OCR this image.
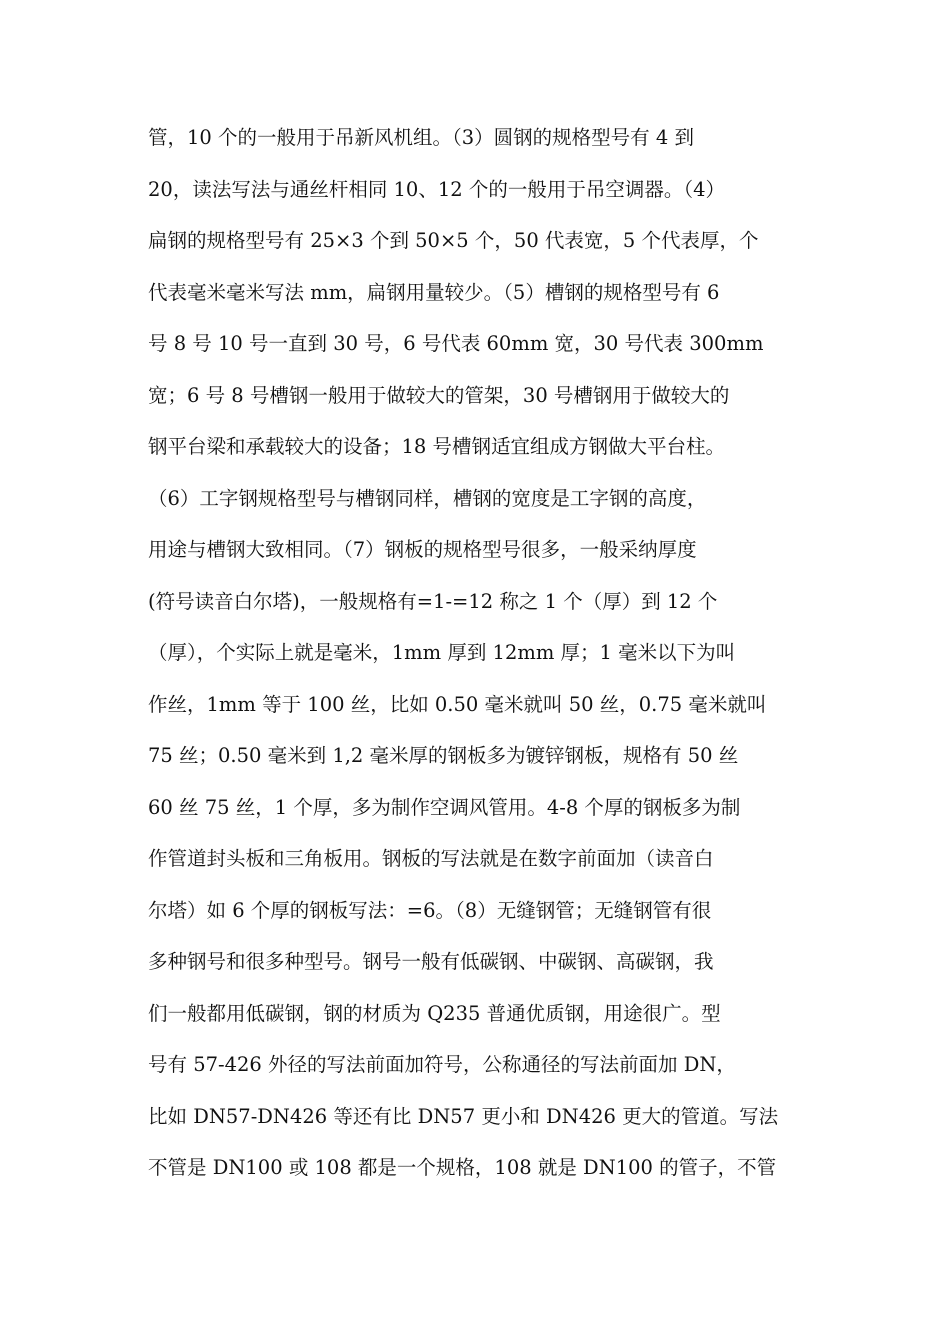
管，10 个的一般用于吊新风机组。（3）圆钢的规格型号有 4 到
20，读法写法与通丝杆相同 10、12 个的一般用于吊空调器。（4）
扁钢的规格型号有 25×3 个到 50×5 个，50 代表宽，5 个代表厚，个
代表毫米毫米写法 mm，扁钢用量较少。（5）槽钢的规格型号有 6
号 8 号 10 号一直到 30 号，6 号代表 60mm 宽，30 号代表 300mm
宽；6 号 8 号槽钢一般用于做较大的管架，30 号槽钢用于做较大的
钢平台梁和承载较大的设备；18 号槽钢适宜组成方钢做大平台柱。
（6）工字钢规格型号与槽钢同样，槽钢的宽度是工字钢的高度，
用途与槽钢大致相同。（7）钢板的规格型号很多，一般采纳厚度
(符号读音白尔塔)，一般规格有=1-=12 称之 1 个（厚）到 12 个
（厚），个实际上就是毫米，1mm 厚到 12mm 厚；1 毫米以下为叫
作丝，1mm 等于 100 丝，比如 0.50 毫米就叫 50 丝，0.75 毫米就叫
75 丝；0.50 毫米到 1,2 毫米厚的钢板多为镀锌钢板，规格有 50 丝
60 丝 75 丝，1 个厚，多为制作空调风管用。4-8 个厚的钢板多为制
作管道封头板和三角板用。钢板的写法就是在数字前面加（读音白
尔塔）如 6 个厚的钢板写法：=6。（8）无缝钢管；无缝钢管有很
多种钢号和很多种型号。钢号一般有低碳钢、中碳钢、高碳钢，我
们一般都用低碳钢，钢的材质为 Q235 普通优质钢，用途很广。型
号有 57-426 外径的写法前面加符号，公称通径的写法前面加 DN，
比如 DN57-DN426 等还有比 DN57 更小和 DN426 更大的管道。写法
不管是 DN100 或 108 都是一个规格，108 就是 DN100 的管子，不管
